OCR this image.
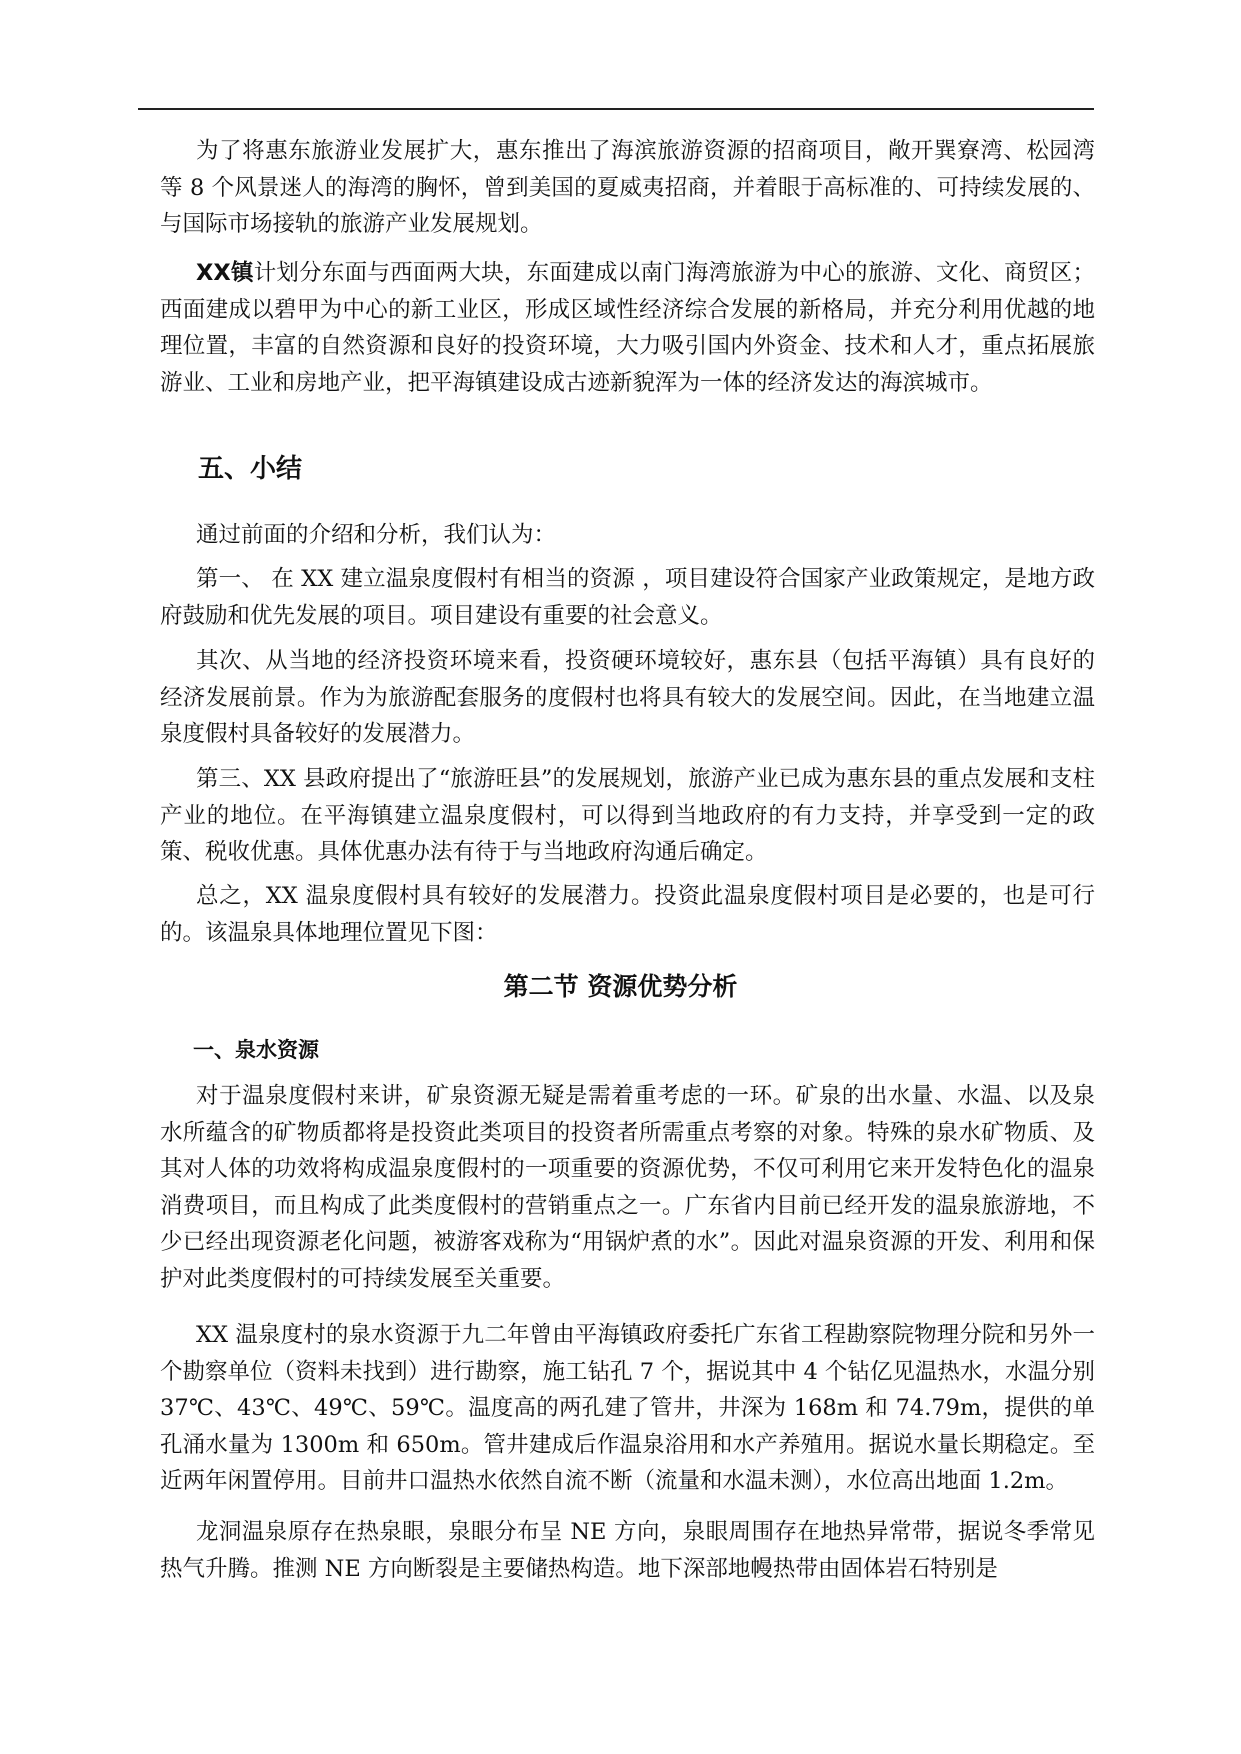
为了将惠东旅游业发展扩大，惠东推出了海滨旅游资源的招商项目，敞开巽寮湾、松园湾等 8 个风景迷人的海湾的胸怀，曾到美国的夏威夷招商，并着眼于高标准的、可持续发展的、与国际市场接轨的旅游产业发展规划。

XX镇计划分东面与西面两大块，东面建成以南门海湾旅游为中心的旅游、文化、商贸区；西面建成以碧甲为中心的新工业区，形成区域性经济综合发展的新格局，并充分利用优越的地理位置，丰富的自然资源和良好的投资环境，大力吸引国内外资金、技术和人才，重点拓展旅游业、工业和房地产业，把平海镇建设成古迹新貌浑为一体的经济发达的海滨城市。

五、小结

通过前面的介绍和分析，我们认为：

第一、 在 XX 建立温泉度假村有相当的资源 ，项目建设符合国家产业政策规定，是地方政府鼓励和优先发展的项目。项目建设有重要的社会意义。

其次、从当地的经济投资环境来看，投资硬环境较好，惠东县（包括平海镇）具有良好的经济发展前景。作为为旅游配套服务的度假村也将具有较大的发展空间。因此，在当地建立温泉度假村具备较好的发展潜力。

第三、XX 县政府提出了“旅游旺县”的发展规划，旅游产业已成为惠东县的重点发展和支柱产业的地位。在平海镇建立温泉度假村，可以得到当地政府的有力支持，并享受到一定的政策、税收优惠。具体优惠办法有待于与当地政府沟通后确定。

总之，XX 温泉度假村具有较好的发展潜力。投资此温泉度假村项目是必要的，也是可行的。该温泉具体地理位置见下图：

第二节 资源优势分析
一、泉水资源

对于温泉度假村来讲，矿泉资源无疑是需着重考虑的一环。矿泉的出水量、水温、以及泉水所蕴含的矿物质都将是投资此类项目的投资者所需重点考察的对象。特殊的泉水矿物质、及其对人体的功效将构成温泉度假村的一项重要的资源优势，不仅可利用它来开发特色化的温泉消费项目，而且构成了此类度假村的营销重点之一。广东省内目前已经开发的温泉旅游地，不少已经出现资源老化问题，被游客戏称为“用锅炉煮的水”。因此对温泉资源的开发、利用和保护对此类度假村的可持续发展至关重要。

XX 温泉度村的泉水资源于九二年曾由平海镇政府委托广东省工程勘察院物理分院和另外一个勘察单位（资料未找到）进行勘察，施工钻孔 7 个，据说其中 4 个钻亿见温热水，水温分别 37℃、43℃、49℃、59℃。温度高的两孔建了管井，井深为 168m 和 74.79m，提供的单孔涌水量为 1300m 和 650m。管井建成后作温泉浴用和水产养殖用。据说水量长期稳定。至近两年闲置停用。目前井口温热水依然自流不断（流量和水温未测），水位高出地面 1.2m。

龙洞温泉原存在热泉眼，泉眼分布呈 NE 方向，泉眼周围存在地热异常带，据说冬季常见热气升腾。推测 NE 方向断裂是主要储热构造。地下深部地幔热带由固体岩石特别是
